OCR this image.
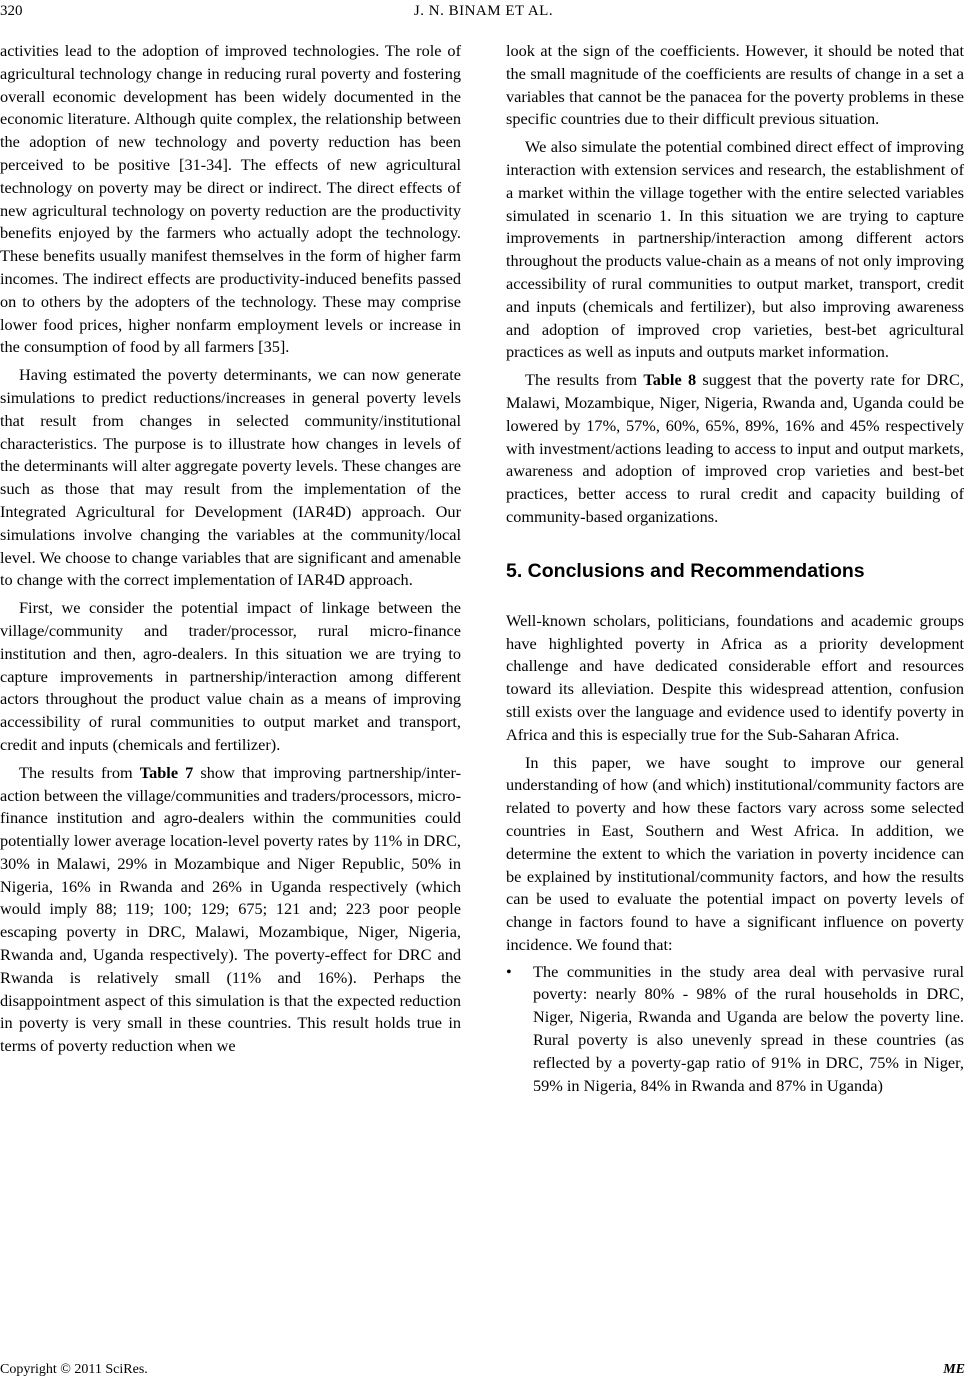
320	J. N. BINAM ET AL.

activities lead to the adoption of improved technologies. The role of agricultural technology change in reducing rural poverty and fostering overall economic development has been widely documented in the economic literature. Although quite complex, the relationship between the adoption of new technology and poverty reduction has been perceived to be positive [31-34]. The effects of new agricultural technology on poverty may be direct or indirect. The direct effects of new agricultural technology on poverty reduction are the productivity benefits enjoyed by the farmers who actually adopt the technology. These benefits usually manifest themselves in the form of higher farm incomes. The indirect effects are productivity-induced benefits passed on to others by the adopters of the technology. These may comprise lower food prices, higher nonfarm employment levels or increase in the consumption of food by all farmers [35].

Having estimated the poverty determinants, we can now generate simulations to predict reductions/increases in general poverty levels that result from changes in selected community/institutional characteristics. The purpose is to illustrate how changes in levels of the determinants will alter aggregate poverty levels. These changes are such as those that may result from the implementation of the Integrated Agricultural for Development (IAR4D) approach. Our simulations involve changing the variables at the community/local level. We choose to change variables that are significant and amenable to change with the correct implementation of IAR4D approach.

First, we consider the potential impact of linkage between the village/community and trader/processor, rural micro-finance institution and then, agro-dealers. In this situation we are trying to capture improvements in partnership/interaction among different actors throughout the product value chain as a means of improving accessibility of rural communities to output market and transport, credit and inputs (chemicals and fertilizer).

The results from Table 7 show that improving partnership/inter-action between the village/communities and traders/processors, micro-finance institution and agro-dealers within the communities could potentially lower average location-level poverty rates by 11% in DRC, 30% in Malawi, 29% in Mozambique and Niger Republic, 50% in Nigeria, 16% in Rwanda and 26% in Uganda respectively (which would imply 88; 119; 100; 129; 675; 121 and; 223 poor people escaping poverty in DRC, Malawi, Mozambique, Niger, Nigeria, Rwanda and, Uganda respectively). The poverty-effect for DRC and Rwanda is relatively small (11% and 16%). Perhaps the disappointment aspect of this simulation is that the expected reduction in poverty is very small in these countries. This result holds true in terms of poverty reduction when we

look at the sign of the coefficients. However, it should be noted that the small magnitude of the coefficients are results of change in a set a variables that cannot be the panacea for the poverty problems in these specific countries due to their difficult previous situation.

We also simulate the potential combined direct effect of improving interaction with extension services and research, the establishment of a market within the village together with the entire selected variables simulated in scenario 1. In this situation we are trying to capture improvements in partnership/interaction among different actors throughout the products value-chain as a means of not only improving accessibility of rural communities to output market, transport, credit and inputs (chemicals and fertilizer), but also improving awareness and adoption of improved crop varieties, best-bet agricultural practices as well as inputs and outputs market information.

The results from Table 8 suggest that the poverty rate for DRC, Malawi, Mozambique, Niger, Nigeria, Rwanda and, Uganda could be lowered by 17%, 57%, 60%, 65%, 89%, 16% and 45% respectively with investment/actions leading to access to input and output markets, awareness and adoption of improved crop varieties and best-bet practices, better access to rural credit and capacity building of community-based organizations.

5. Conclusions and Recommendations

Well-known scholars, politicians, foundations and academic groups have highlighted poverty in Africa as a priority development challenge and have dedicated considerable effort and resources toward its alleviation. Despite this widespread attention, confusion still exists over the language and evidence used to identify poverty in Africa and this is especially true for the Sub-Saharan Africa.

In this paper, we have sought to improve our general understanding of how (and which) institutional/community factors are related to poverty and how these factors vary across some selected countries in East, Southern and West Africa. In addition, we determine the extent to which the variation in poverty incidence can be explained by institutional/community factors, and how the results can be used to evaluate the potential impact on poverty levels of change in factors found to have a significant influence on poverty incidence. We found that:

•	The communities in the study area deal with pervasive rural poverty: nearly 80% - 98% of the rural households in DRC, Niger, Nigeria, Rwanda and Uganda are below the poverty line. Rural poverty is also unevenly spread in these countries (as reflected by a poverty-gap ratio of 91% in DRC, 75% in Niger, 59% in Nigeria, 84% in Rwanda and 87% in Uganda)

Copyright © 2011 SciRes.	ME
